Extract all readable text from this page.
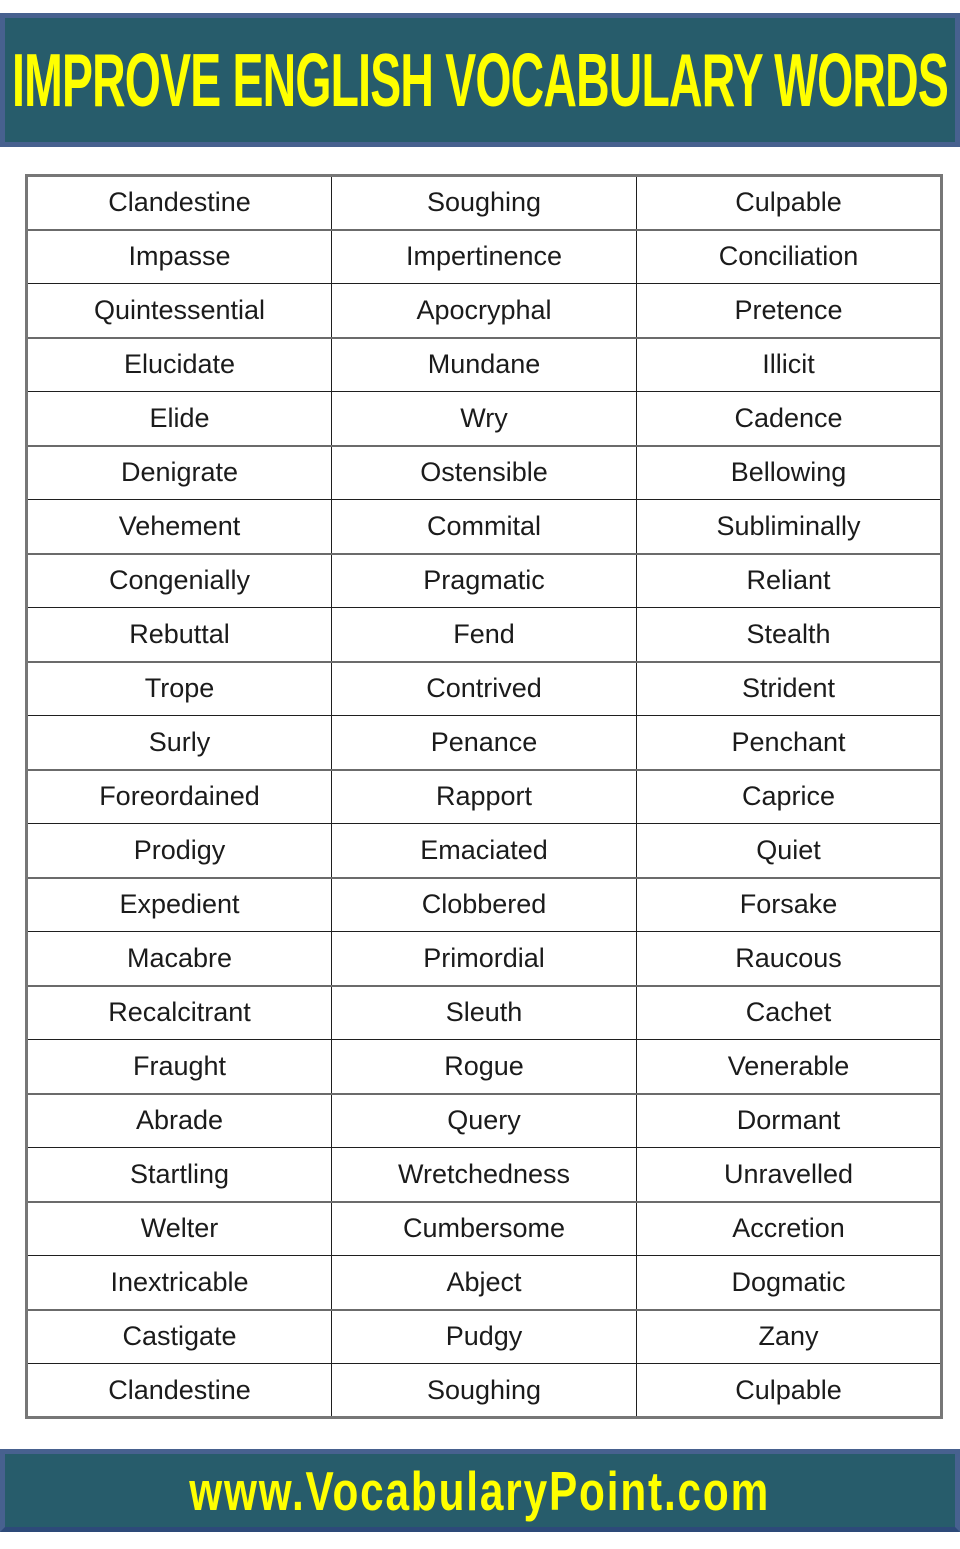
IMPROVE ENGLISH VOCABULARY WORDS
Clandestine	Soughing	Culpable
Impasse	Impertinence	Conciliation
Quintessential	Apocryphal	Pretence
Elucidate	Mundane	Illicit
Elide	Wry	Cadence
Denigrate	Ostensible	Bellowing
Vehement	Commital	Subliminally
Congenially	Pragmatic	Reliant
Rebuttal	Fend	Stealth
Trope	Contrived	Strident
Surly	Penance	Penchant
Foreordained	Rapport	Caprice
Prodigy	Emaciated	Quiet
Expedient	Clobbered	Forsake
Macabre	Primordial	Raucous
Recalcitrant	Sleuth	Cachet
Fraught	Rogue	Venerable
Abrade	Query	Dormant
Startling	Wretchedness	Unravelled
Welter	Cumbersome	Accretion
Inextricable	Abject	Dogmatic
Castigate	Pudgy	Zany
Clandestine	Soughing	Culpable
www.VocabularyPoint.com
